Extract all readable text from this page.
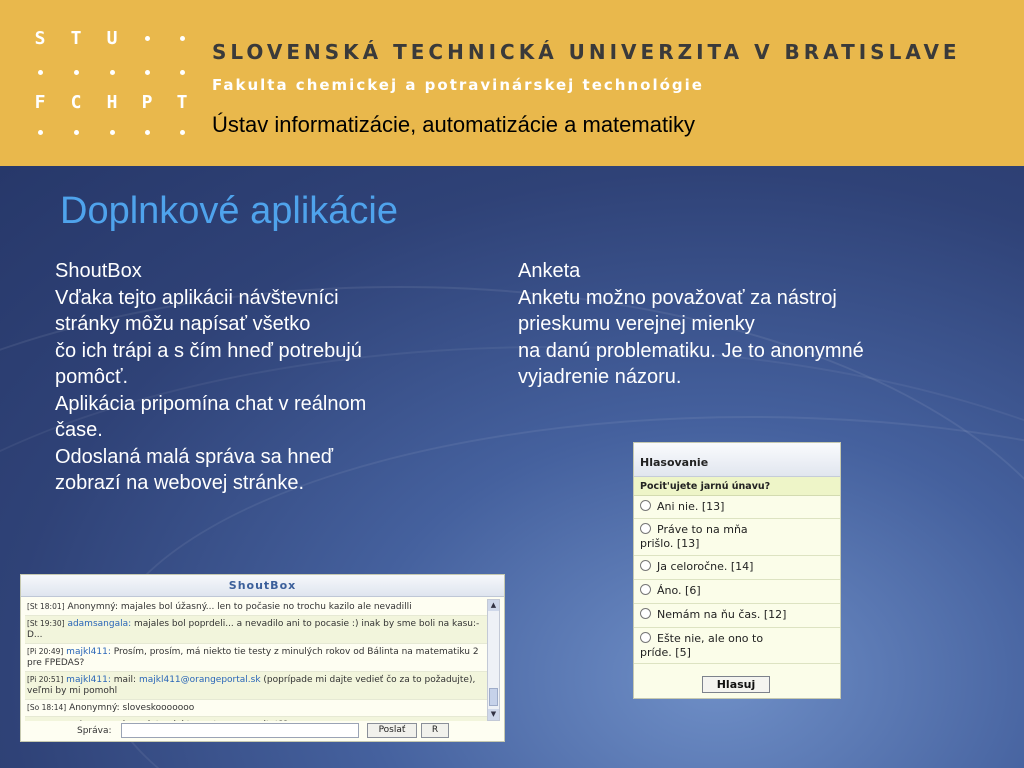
S T U
F C H P T
SLOVENSKÁ TECHNICKÁ UNIVERZITA V BRATISLAVE
Fakulta chemickej a potravinárskej technológie
Ústav informatizácie, automatizácie a matematiky
Doplnkové aplikácie
ShoutBox
Vďaka tejto aplikácii návštevníci
stránky môžu napísať všetko
čo ich trápi a s čím hneď potrebujú
pomôcť.
Aplikácia pripomína chat v reálnom
čase.
Odoslaná malá správa sa hneď
zobrazí na webovej stránke.
Anketa
Anketu možno považovať za nástroj
prieskumu verejnej mienky
na danú problematiku. Je to anonymné
vyjadrenie názoru.
ShoutBox
[St 18:01] Anonymný: majales bol úžasný... len to počasie no trochu kazilo ale nevadilli
[St 19:30] adamsangala: majales bol poprdeli... a nevadilo ani to pocasie :) inak by sme boli na kasu:-D...
[Pi 20:49] majkl411: Prosím, prosím, má niekto tie testy z minulých rokov od Bálinta na matematiku 2 pre FPEDAS?
[Pi 20:51] majkl411: mail: majkl411@orangeportal.sk (poprípade mi dajte vedieť čo za to požadujte), veľmi by mi pomohl
[So 18:14] Anonymný: sloveskooooooo
▲
▼
Správa:	Poslať	R
Hlasovanie
Pocit'ujete jarnú únavu?
Ani nie. [13]
Práve to na mňa
prišlo. [13]
Ja celoročne. [14]
Áno. [6]
Nemám na ňu čas. [12]
Ešte nie, ale ono to
príde. [5]
Hlasuj
